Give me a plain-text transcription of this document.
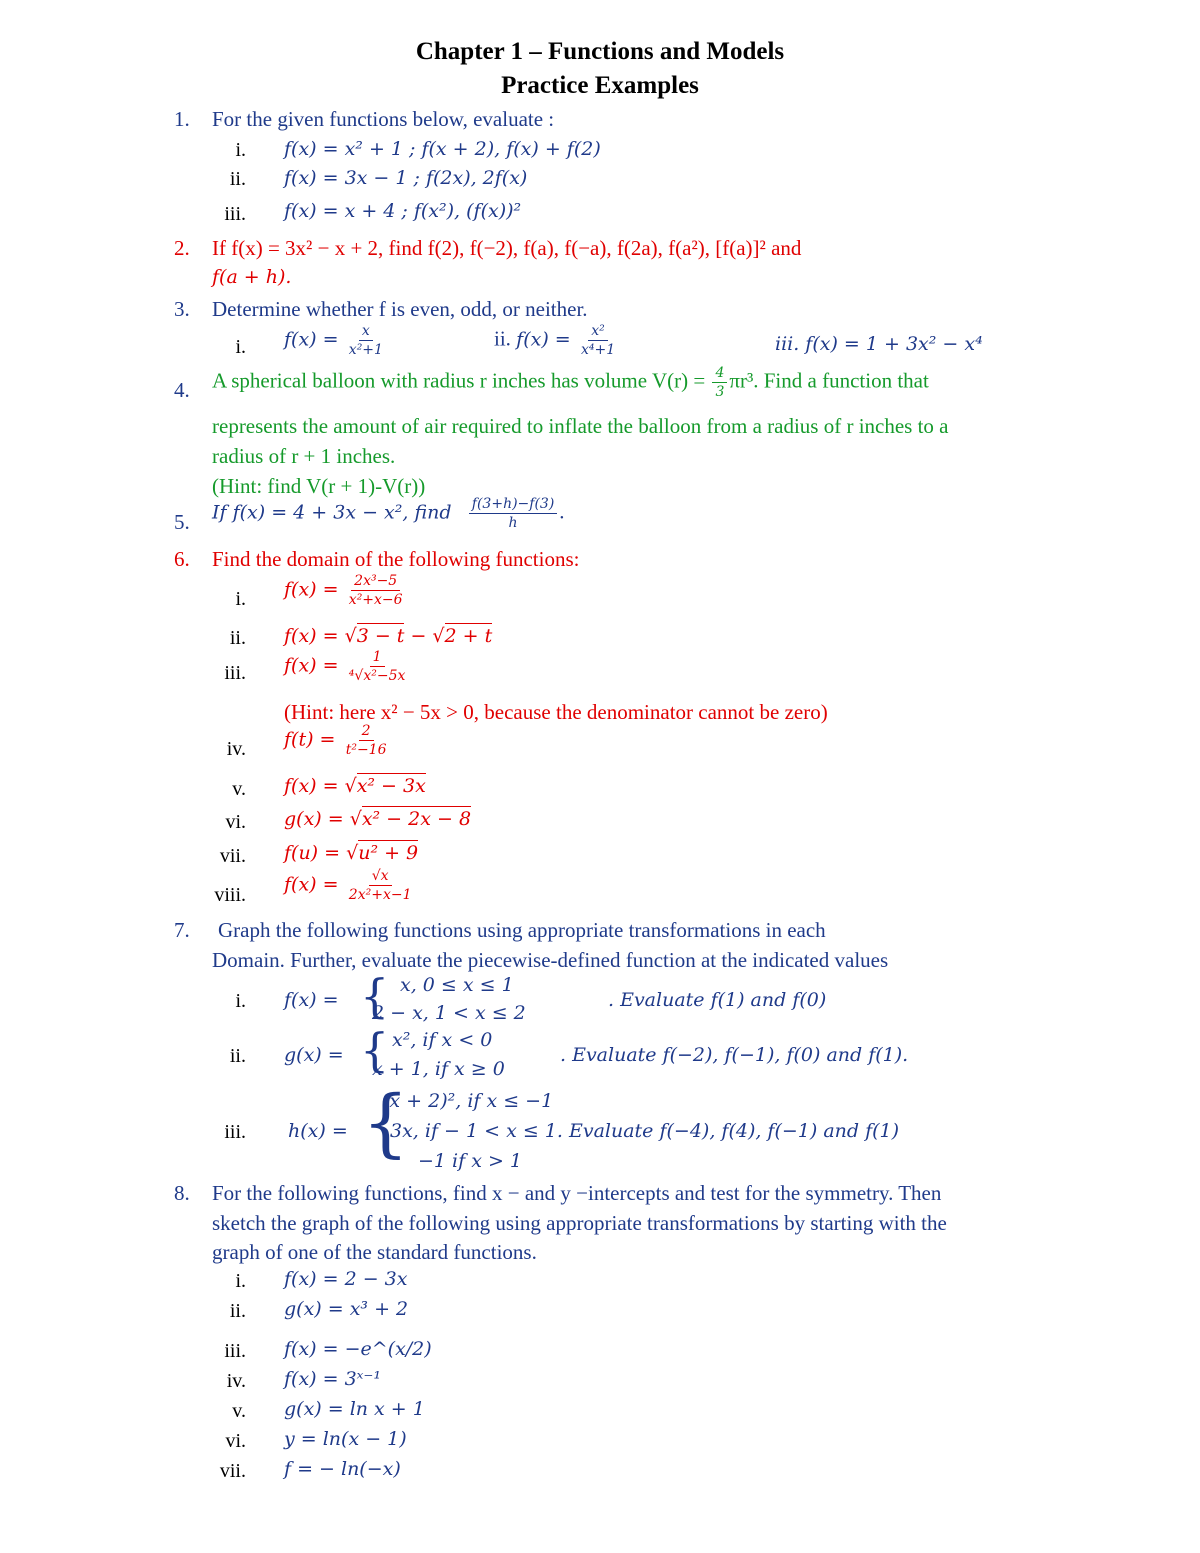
Chapter 1 – Functions and Models
Practice Examples
1. For the given functions below, evaluate :
i. f(x) = x² + 1 ; f(x + 2), f(x) + f(2)
ii. f(x) = 3x − 1 ; f(2x), 2f(x)
iii. f(x) = x + 4 ; f(x²), (f(x))²
2. If f(x) = 3x² − x + 2, find f(2), f(−2), f(a), f(−a), f(2a), f(a²), [f(a)]² and
f(a + h).
3. Determine whether f is even, odd, or neither.
i. $f(x) = \frac{x}{\text{x²+1}}$	ii. $f(x) = \frac{\text{x²}}{\text{x⁴+1}}$	iii. f(x) = 1 + 3x² − x⁴
4. A spherical balloon with radius r inches has volume $V(r) = \frac{4}{3} \pi r^3$. Find a function that
represents the amount of air required to inflate the balloon from a radius of r inches to a
radius of r + 1 inches.
(Hint: find V(r + 1)-V(r))
5. If f(x) = 4 + 3x − x², find $\frac{f(3+h)-f(3)}{h}$ .
6. Find the domain of the following functions:
i. $f(x) = \frac{\text{2x³−5}}{\text{x²+x−6}}$
ii. f(x) = √3 − t − √2 + t
iii. $f(x) = \frac{1}{\text{⁴√x²−5x}}$
(Hint: here x² − 5x > 0, because the denominator cannot be zero)
iv. $f(t) = \frac{2}{\text{t²−16}}$
v. f(x) = √x² − 3x
vi. g(x) = √x² − 2x − 8
vii. f(u) = √u² + 9
viii. $f(x) = \frac{√x}{\text{2x²+x−1}}$
7. Graph the following functions using appropriate transformations in each
Domain. Further, evaluate the piecewise-defined function at the indicated values
i. f(x) = { x, 0 ≤ x ≤ 1
2 − x, 1 < x ≤ 2
. Evaluate f(1) and f(0)
ii. g(x) = { x², if x < 0
x + 1, if x ≥ 0
. Evaluate f(−2), f(−1), f(0) and f(1).
iii. h(x) = {
(x + 2)², if x ≤ −1
3x, if − 1 < x ≤ 1. Evaluate f(−4), f(4), f(−1) and f(1)
−1 if x > 1
8. For the following functions, find x − and y −intercepts and test for the symmetry. Then
sketch the graph of the following using appropriate transformations by starting with the
graph of one of the standard functions.
i. f(x) = 2 − 3x
ii. g(x) = x³ + 2
iii. f(x) = −e^(x/2)
iv. f(x) = 3ˣ⁻¹
v. g(x) = ln x + 1
vi. y = ln(x − 1)
vii. f = − ln(−x)
